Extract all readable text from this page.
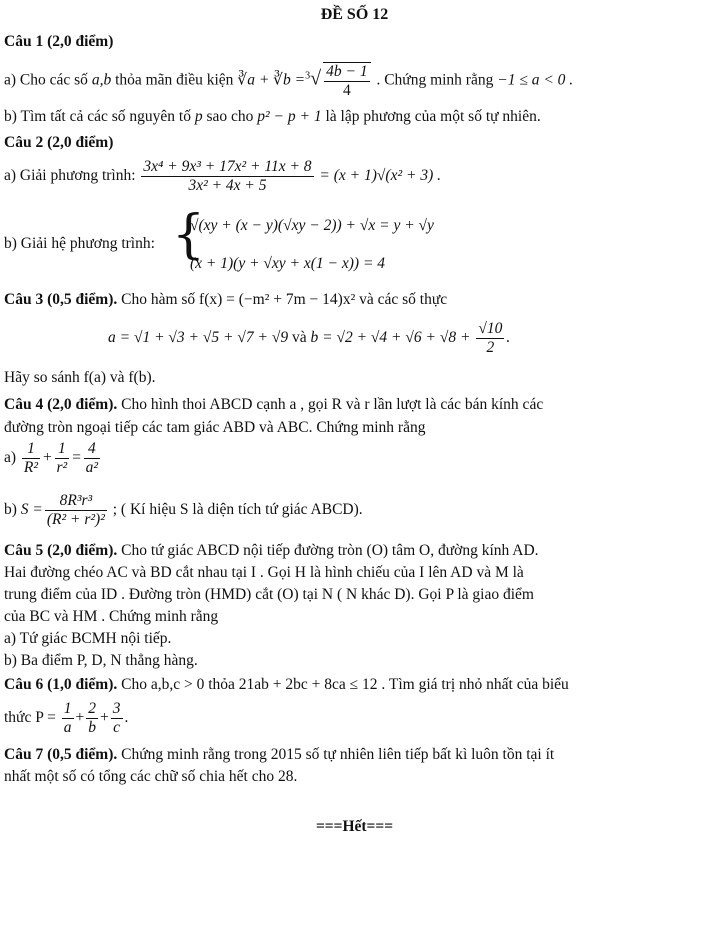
ĐỀ SỐ 12
Câu 1 (2,0 điểm)
a) Cho các số a,b thỏa mãn điều kiện ∛a + ∛b $=^3√ \frac{4b - 1}{4}$ . Chứng minh rằng −1 ≤ a < 0 .
b) Tìm tất cả các số nguyên tố p sao cho p² − p + 1 là lập phương của một số tự nhiên.
Câu 2 (2,0 điểm)
a) Giải phương trình: $\frac{\text{3x⁴ + 9x³ + 17x² + 11x + 8}}{\text{3x² + 4x + 5}} = (x + 1)√(x^2 + 3)$ .
b) Giải hệ phương trình: {
√(xy + (x − y)(√xy − 2)) + √x = y + √y
(x + 1)(y + √xy + x(1 − x)) = 4
Câu 3 (0,5 điểm). Cho hàm số f(x) = (−m² + 7m − 14)x² và các số thực
a = √1 + √3 + √5 + √7 + √9 và $b = √2 + √4 + √6 + √8 + \frac{√10}{2}$ .
Hãy so sánh f(a) và f(b).
Câu 4 (2,0 điểm). Cho hình thoi ABCD cạnh a , gọi R và r lần lượt là các bán kính các
đường tròn ngoại tiếp các tam giác ABD và ABC. Chứng minh rằng
$a) \frac{1}{\text{R²}} + \frac{1}{\text{r²}} = \frac{4}{\text{a²}}$
b) $S = \frac{\text{8R³r³}}{\text{(R² + r²)²}}$ ; ( Kí hiệu S là diện tích tứ giác ABCD).
Câu 5 (2,0 điểm). Cho tứ giác ABCD nội tiếp đường tròn (O) tâm O, đường kính AD.
Hai đường chéo AC và BD cắt nhau tại I . Gọi H là hình chiếu của I lên AD và M là
trung điểm của ID . Đường tròn (HMD) cắt (O) tại N ( N khác D). Gọi P là giao điểm
của BC và HM . Chứng minh rằng
a) Tứ giác BCMH nội tiếp.
b) Ba điểm P, D, N thẳng hàng.
Câu 6 (1,0 điểm). Cho a,b,c > 0 thỏa 21ab + 2bc + 8ca ≤ 12 . Tìm giá trị nhỏ nhất của biểu
thức $P = \frac{1}{a} + \frac{2}{b} + \frac{3}{c}$ .
Câu 7 (0,5 điểm). Chứng minh rằng trong 2015 số tự nhiên liên tiếp bất kì luôn tồn tại ít
nhất một số có tổng các chữ số chia hết cho 28.
===Hết===
